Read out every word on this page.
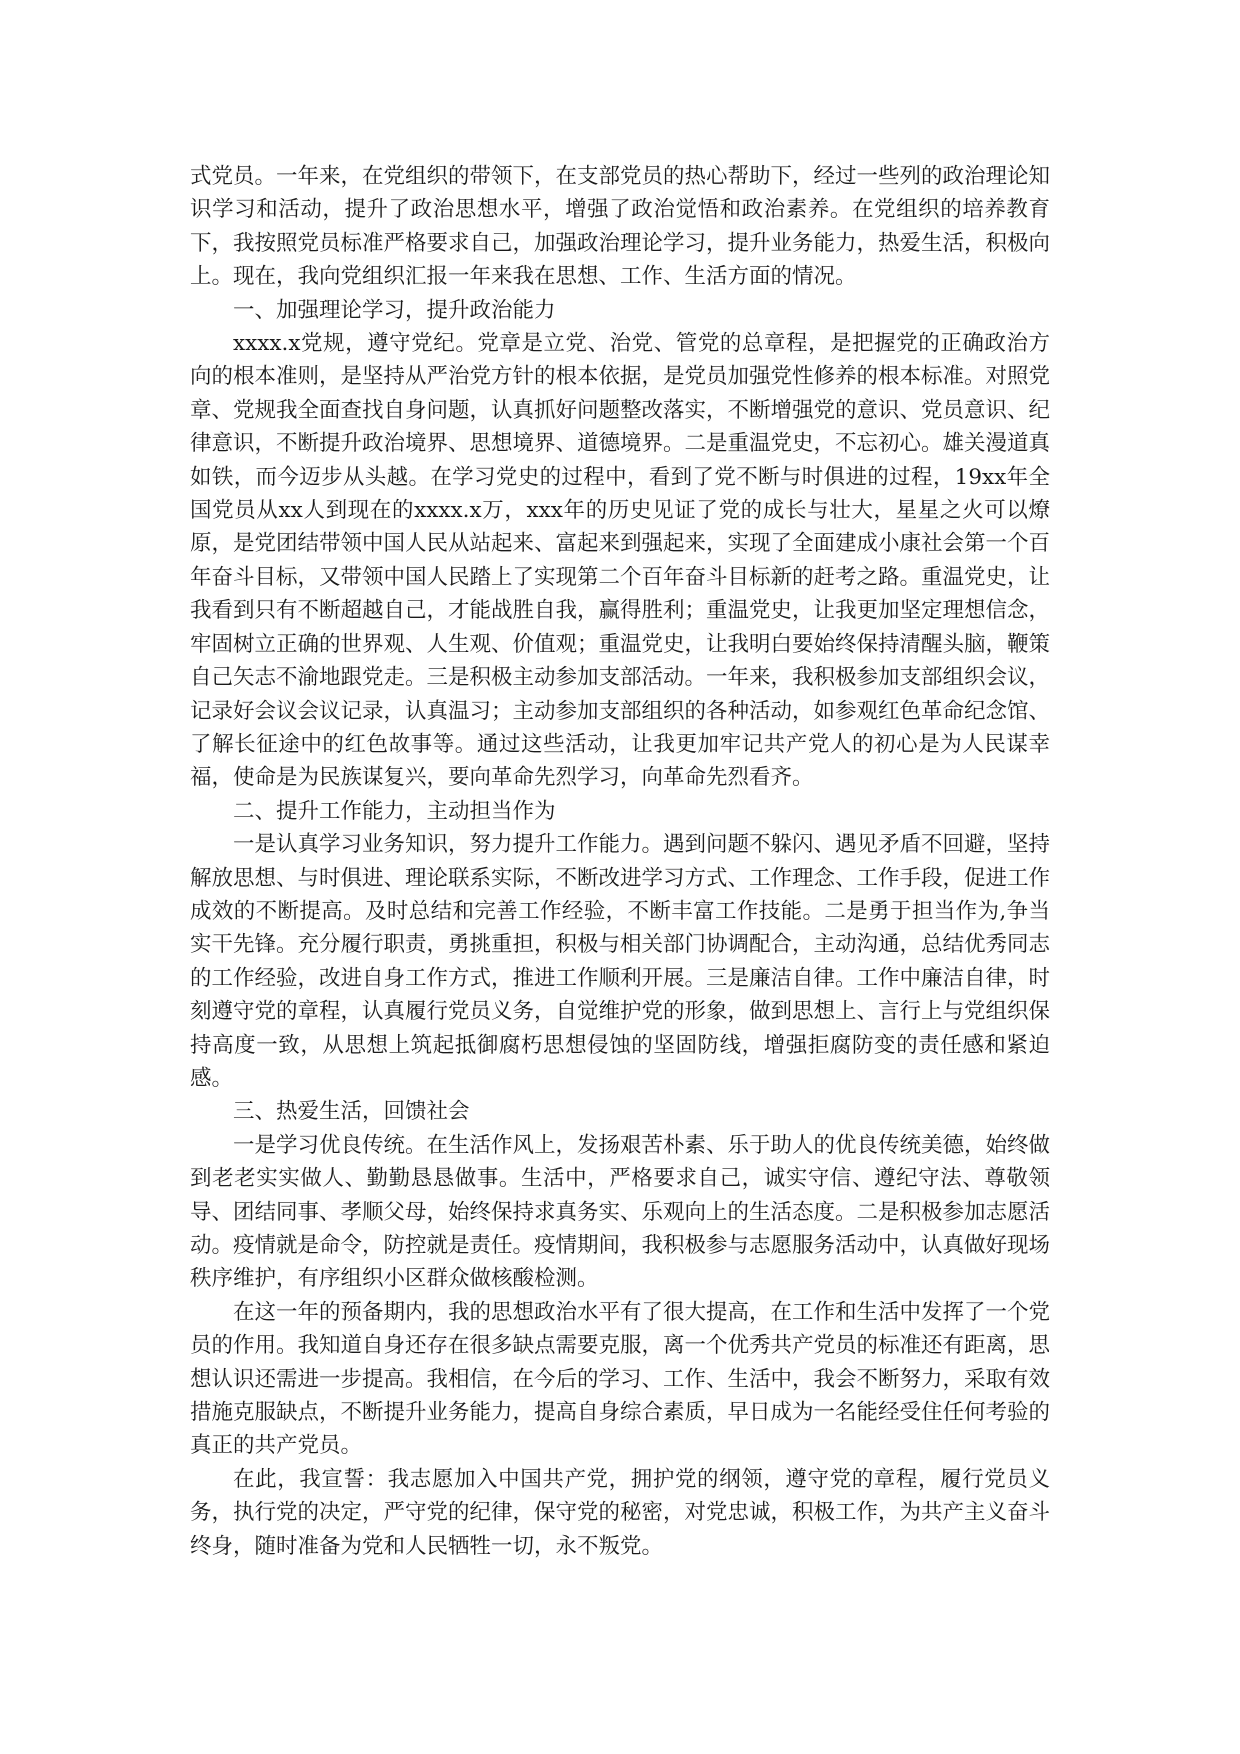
式党员。一年来，在党组织的带领下，在支部党员的热心帮助下，经过一些列的政治理论知识学习和活动，提升了政治思想水平，增强了政治觉悟和政治素养。在党组织的培养教育下，我按照党员标准严格要求自己，加强政治理论学习，提升业务能力，热爱生活，积极向上。现在，我向党组织汇报一年来我在思想、工作、生活方面的情况。

一、加强理论学习，提升政治能力

xxxx.x党规，遵守党纪。党章是立党、治党、管党的总章程，是把握党的正确政治方向的根本准则，是坚持从严治党方针的根本依据，是党员加强党性修养的根本标准。对照党章、党规我全面查找自身问题，认真抓好问题整改落实，不断增强党的意识、党员意识、纪律意识，不断提升政治境界、思想境界、道德境界。二是重温党史，不忘初心。雄关漫道真如铁，而今迈步从头越。在学习党史的过程中，看到了党不断与时俱进的过程，19xx年全国党员从xx人到现在的xxxx.x万，xxx年的历史见证了党的成长与壮大，星星之火可以燎原，是党团结带领中国人民从站起来、富起来到强起来，实现了全面建成小康社会第一个百年奋斗目标，又带领中国人民踏上了实现第二个百年奋斗目标新的赶考之路。重温党史，让我看到只有不断超越自己，才能战胜自我，赢得胜利；重温党史，让我更加坚定理想信念，牢固树立正确的世界观、人生观、价值观；重温党史，让我明白要始终保持清醒头脑，鞭策自己矢志不渝地跟党走。三是积极主动参加支部活动。一年来，我积极参加支部组织会议，记录好会议会议记录，认真温习；主动参加支部组织的各种活动，如参观红色革命纪念馆、了解长征途中的红色故事等。通过这些活动，让我更加牢记共产党人的初心是为人民谋幸福，使命是为民族谋复兴，要向革命先烈学习，向革命先烈看齐。

二、提升工作能力，主动担当作为

一是认真学习业务知识，努力提升工作能力。遇到问题不躲闪、遇见矛盾不回避，坚持解放思想、与时俱进、理论联系实际，不断改进学习方式、工作理念、工作手段，促进工作成效的不断提高。及时总结和完善工作经验，不断丰富工作技能。二是勇于担当作为,争当实干先锋。充分履行职责，勇挑重担，积极与相关部门协调配合，主动沟通，总结优秀同志的工作经验，改进自身工作方式，推进工作顺利开展。三是廉洁自律。工作中廉洁自律，时刻遵守党的章程，认真履行党员义务，自觉维护党的形象，做到思想上、言行上与党组织保持高度一致，从思想上筑起抵御腐朽思想侵蚀的坚固防线，增强拒腐防变的责任感和紧迫感。

三、热爱生活，回馈社会

一是学习优良传统。在生活作风上，发扬艰苦朴素、乐于助人的优良传统美德，始终做到老老实实做人、勤勤恳恳做事。生活中，严格要求自己，诚实守信、遵纪守法、尊敬领导、团结同事、孝顺父母，始终保持求真务实、乐观向上的生活态度。二是积极参加志愿活动。疫情就是命令，防控就是责任。疫情期间，我积极参与志愿服务活动中，认真做好现场秩序维护，有序组织小区群众做核酸检测。

在这一年的预备期内，我的思想政治水平有了很大提高，在工作和生活中发挥了一个党员的作用。我知道自身还存在很多缺点需要克服，离一个优秀共产党员的标准还有距离，思想认识还需进一步提高。我相信，在今后的学习、工作、生活中，我会不断努力，采取有效措施克服缺点，不断提升业务能力，提高自身综合素质，早日成为一名能经受住任何考验的真正的共产党员。

在此，我宣誓：我志愿加入中国共产党，拥护党的纲领，遵守党的章程，履行党员义务，执行党的决定，严守党的纪律，保守党的秘密，对党忠诚，积极工作，为共产主义奋斗终身，随时准备为党和人民牺牲一切，永不叛党。
